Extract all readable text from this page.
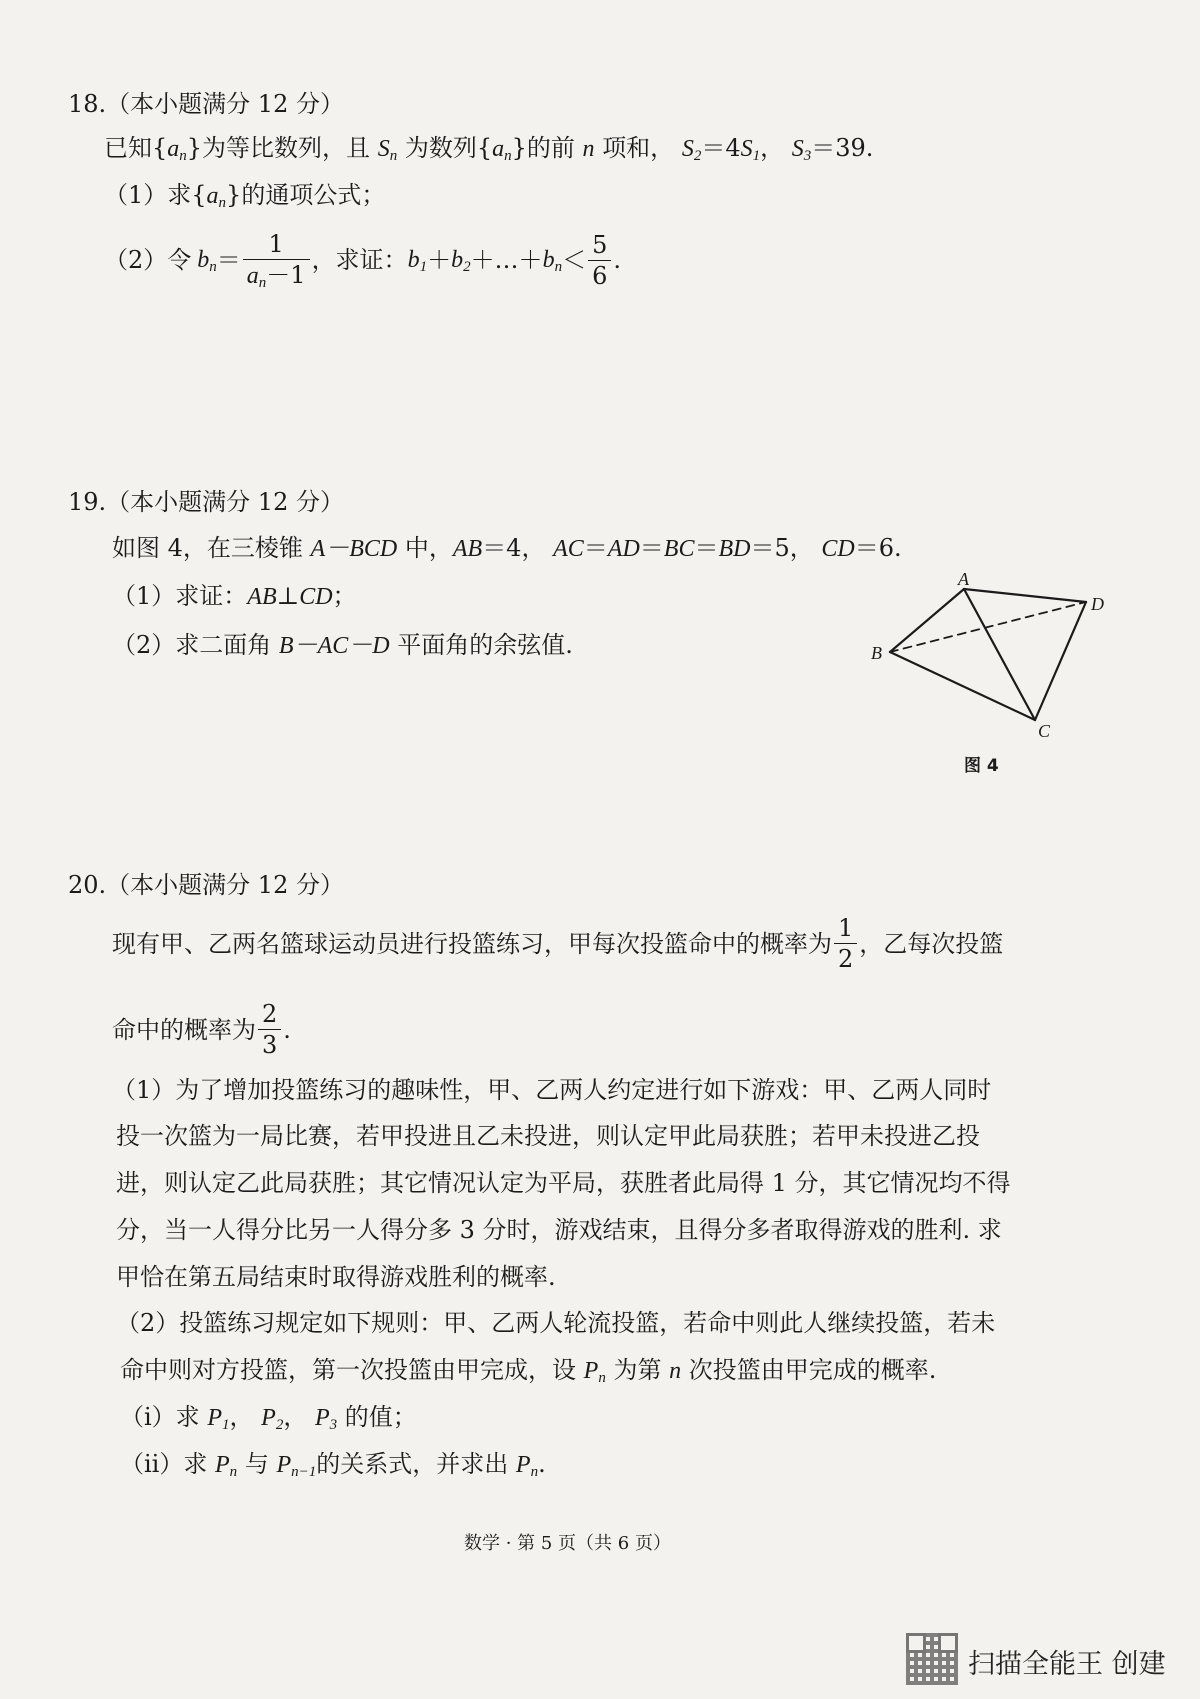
18.（本小题满分 12 分）
已知$\{a_n\}$为等比数列，且 $S_n$ 为数列$\{a_n\}$的前 n 项和， $S_2=4S_1$， $S_3=39$.
（1）求$\{a_n\}$的通项公式；
（2）令 $b_n = \frac{1}{a_n-1}$ ，求证： $b_1 + b_2$ ＋…＋ $b_n < \frac{5}{6}$ .
19.（本小题满分 12 分）
如图 4，在三棱锥 A－BCD 中，AB＝4， AC＝AD＝BC＝BD＝5， CD＝6.
（1）求证：AB⊥CD；
（2）求二面角 B－AC－D 平面角的余弦值.
A
D
B
C
图 4
20.（本小题满分 12 分）
现有甲、乙两名篮球运动员进行投篮练习，甲每次投篮命中的概率为 $\frac{1}{2}$ ，乙每次投篮
命中的概率为 $\frac{2}{3}$ .
（1）为了增加投篮练习的趣味性，甲、乙两人约定进行如下游戏：甲、乙两人同时
投一次篮为一局比赛，若甲投进且乙未投进，则认定甲此局获胜；若甲未投进乙投
进，则认定乙此局获胜；其它情况认定为平局，获胜者此局得 1 分，其它情况均不得
分，当一人得分比另一人得分多 3 分时，游戏结束，且得分多者取得游戏的胜利. 求
甲恰在第五局结束时取得游戏胜利的概率.
（2）投篮练习规定如下规则：甲、乙两人轮流投篮，若命中则此人继续投篮，若未
命中则对方投篮，第一次投篮由甲完成，设 $P_n$ 为第 n 次投篮由甲完成的概率.
（ⅰ）求 $P_1$， $P_2$， $P_3$ 的值；
（ⅱ）求 $P_n$ 与 $P_{n-1}$的关系式，并求出 $P_n$.
数学 · 第 5 页（共 6 页）
扫描全能王 创建
